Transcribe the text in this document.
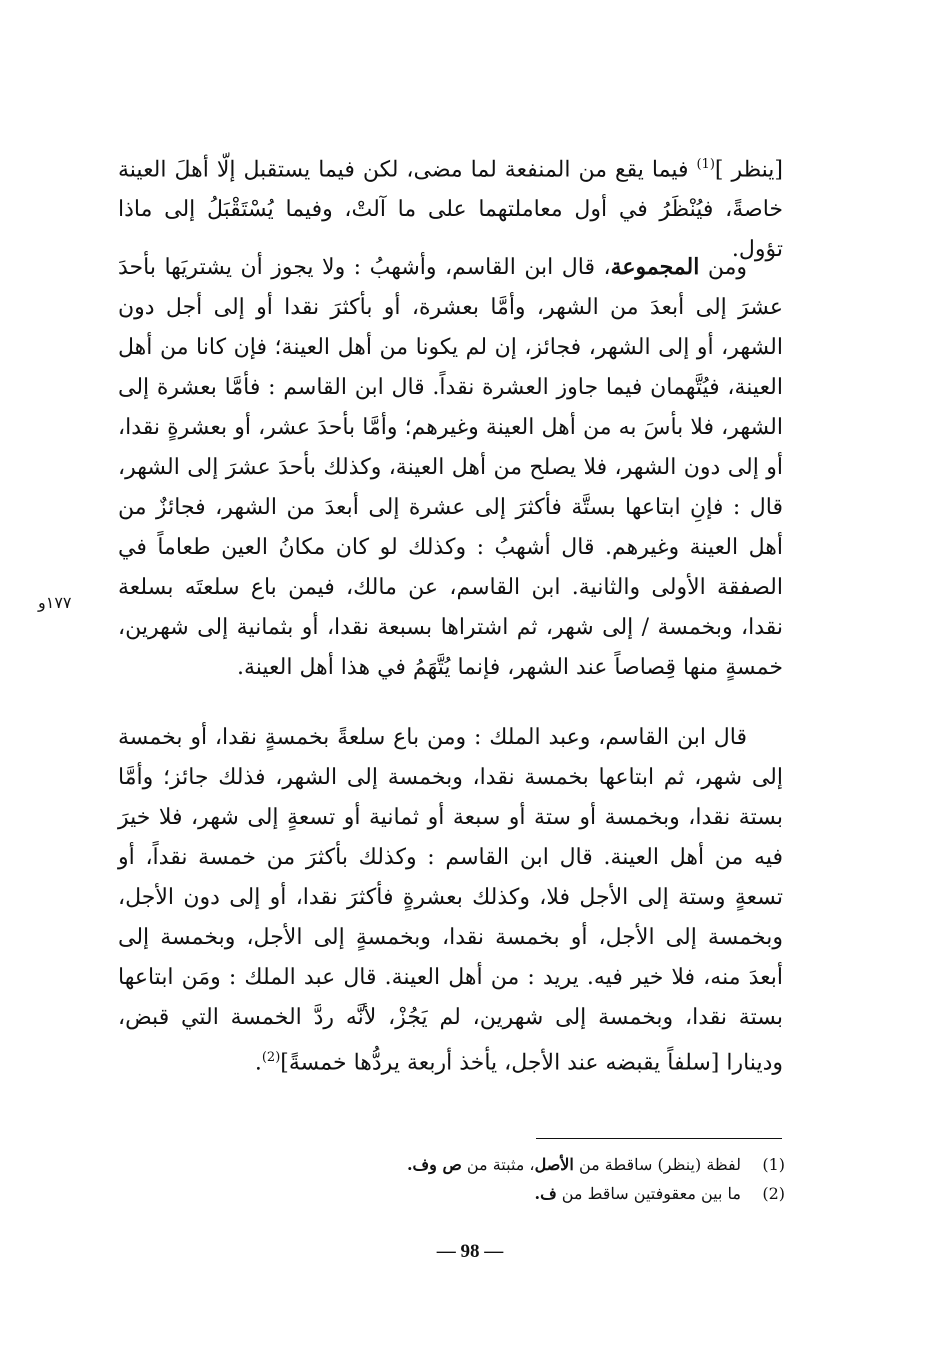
[ينظر ]$^{(1)}$ فيما يقع من المنفعة لما مضى، لكن فيما يستقبل إلّا أهلَ العينة خاصةً، فيُنْظَرُ في أول معاملتهما على ما آلتْ، وفيما يُسْتَقْبَلُ إلى ماذا تؤول.

ومن المجموعة، قال ابن القاسم، وأشهبُ : ولا يجوز أن يشتريَها بأحدَ عشرَ إلى أبعدَ من الشهر، وأمَّا بعشرة، أو بأكثرَ نقدا أو إلى أجل دون الشهر، أو إلى الشهر، فجائز، إن لم يكونا من أهل العينة؛ فإن كانا من أهل العينة، فيُتَّهمان فيما جاوز العشرة نقداً. قال ابن القاسم : فأمَّا بعشرة إلى الشهر، فلا بأسَ به من أهل العينة وغيرهم؛ وأمَّا بأحدَ عشر، أو بعشرةٍ نقدا، أو إلى دون الشهر، فلا يصلح من أهل العينة، وكذلك بأحدَ عشرَ إلى الشهر، قال : فإنِ ابتاعها بستَّة فأكثرَ إلى عشرة إلى أبعدَ من الشهر، فجائزٌ من أهل العينة وغيرهم. قال أشهبُ : وكذلك لو كان مكانُ العين طعاماً في الصفقة الأولى والثانية. ابن القاسم، عن مالك، فيمن باع سلعتَه بسلعة نقدا، وبخمسة / إلى شهر، ثم اشتراها بسبعة نقدا، أو بثمانية إلى شهرين، خمسةٍ منها قِصاصاً عند الشهر، فإنما يُتَّهَمُ في هذا أهل العينة.

١٧٧و

قال ابن القاسم، وعبد الملك : ومن باع سلعةً بخمسةٍ نقدا، أو بخمسة إلى شهر، ثم ابتاعها بخمسة نقدا، وبخمسة إلى الشهر، فذلك جائز؛ وأمَّا بستة نقدا، وبخمسة أو ستة أو سبعة أو ثمانية أو تسعةٍ إلى شهر، فلا خيرَ فيه من أهل العينة. قال ابن القاسم : وكذلك بأكثرَ من خمسة نقداً، أو تسعةٍ وستة إلى الأجل فلا، وكذلك بعشرةٍ فأكثرَ نقدا، أو إلى دون الأجل، وبخمسة إلى الأجل، أو بخمسة نقدا، وبخمسةٍ إلى الأجل، وبخمسة إلى أبعدَ منه، فلا خير فيه. يريد : من أهل العينة. قال عبد الملك : ومَن ابتاعها بستة نقدا، وبخمسة إلى شهرين، لم يَجُزْ، لأنَّه ردَّ الخمسة التي قبض، ودينارا [سلفاً يقبضه عند الأجل، يأخذ أربعة يردُّها خمسةً]$^{(2)}$.

(1)
لفظة (ينظر) ساقطة من الأصل، مثبتة من ص وف.
(2)
ما بين معقوفتين ساقط من ف.
— 98 —
